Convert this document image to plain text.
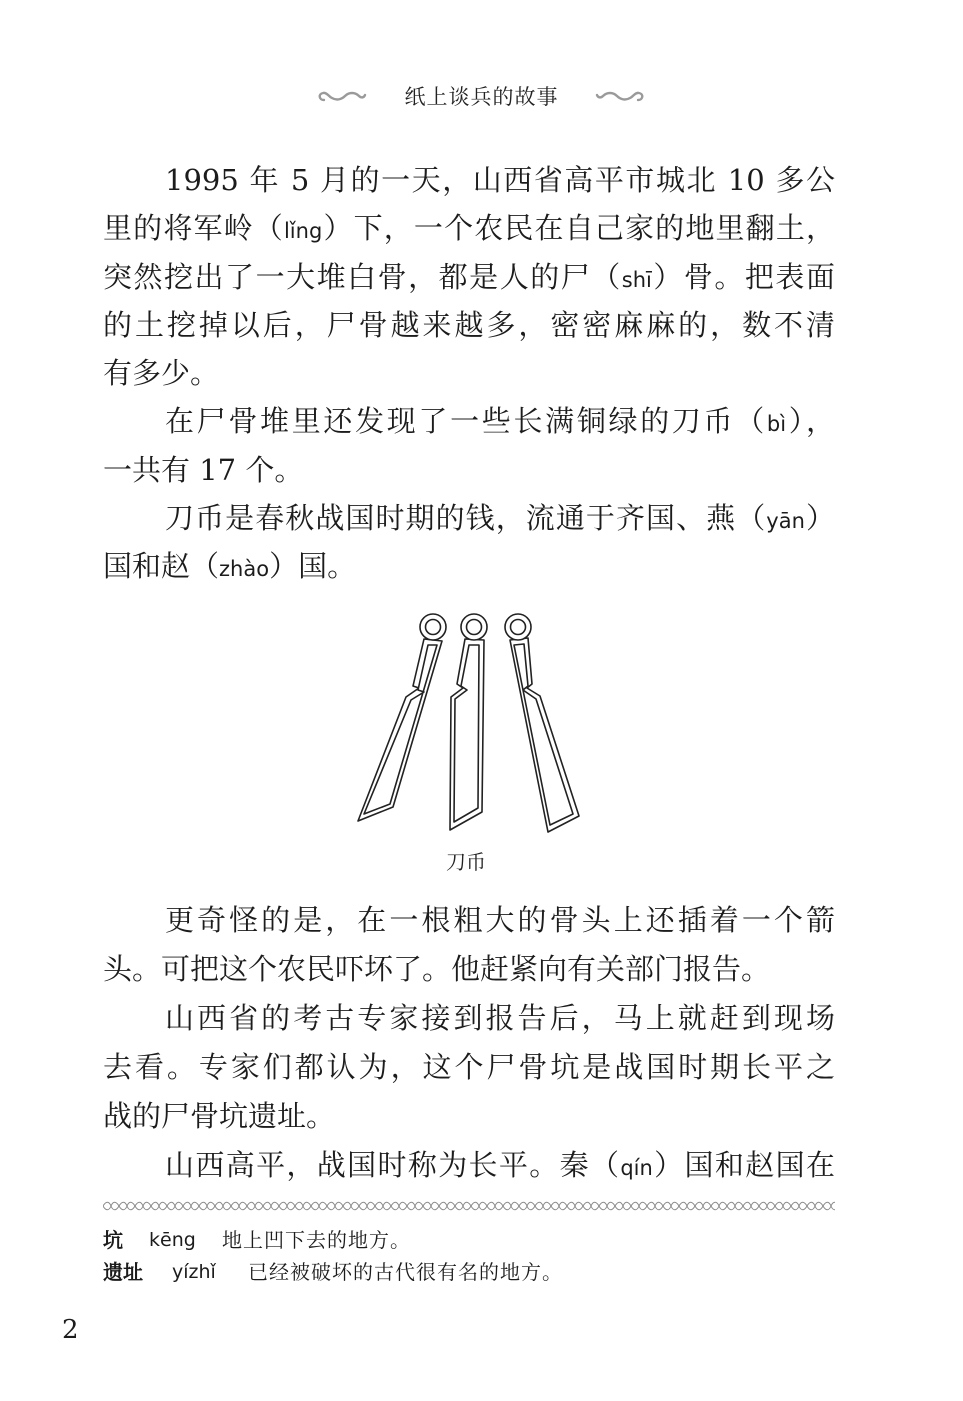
纸上谈兵的故事
1995 年 5 月的一天，山西省高平市城北 10 多公
里的将军岭（lǐng）下，一个农民在自己家的地里翻土，
突然挖出了一大堆白骨，都是人的尸（shī）骨。把表面
的土挖掉以后，尸骨越来越多，密密麻麻的，数不清
有多少。
在尸骨堆里还发现了一些长满铜绿的刀币（bì），
一共有 17 个。
刀币是春秋战国时期的钱，流通于齐国、燕（yān）
国和赵（zhào）国。
刀币
更奇怪的是，在一根粗大的骨头上还插着一个箭
头。可把这个农民吓坏了。他赶紧向有关部门报告。
山西省的考古专家接到报告后，马上就赶到现场
去看。专家们都认为，这个尸骨坑是战国时期长平之
战的尸骨坑遗址。
山西高平，战国时称为长平。秦（qín）国和赵国在
坑 kēng 地上凹下去的地方。
遗址 yízhǐ 已经被破坏的古代很有名的地方。
2
